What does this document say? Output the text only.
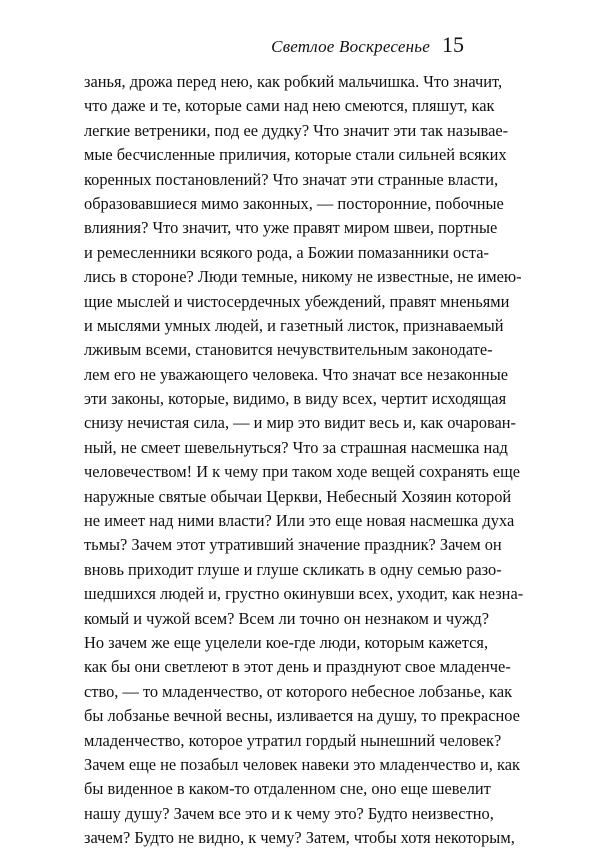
Светлое Воскресенье 15
занья, дрожа перед нею, как робкий мальчишка. Что значит,
что даже и те, которые сами над нею смеются, пляшут, как
легкие ветреники, под ее дудку? Что значит эти так называе-
мые бесчисленные приличия, которые стали сильней всяких
коренных постановлений? Что значат эти странные власти,
образовавшиеся мимо законных, — посторонние, побочные
влияния? Что значит, что уже правят миром швеи, портные
и ремесленники всякого рода, а Божии помазанники оста-
лись в стороне? Люди темные, никому не известные, не имею-
щие мыслей и чистосердечных убеждений, правят мненьями
и мыслями умных людей, и газетный листок, признаваемый
лживым всеми, становится нечувствительным законодате-
лем его не уважающего человека. Что значат все незаконные
эти законы, которые, видимо, в виду всех, чертит исходящая
снизу нечистая сила, — и мир это видит весь и, как очарован-
ный, не смеет шевельнуться? Что за страшная насмешка над
человечеством! И к чему при таком ходе вещей сохранять еще
наружные святые обычаи Церкви, Небесный Хозяин которой
не имеет над ними власти? Или это еще новая насмешка духа
тьмы? Зачем этот утративший значение праздник? Зачем он
вновь приходит глуше и глуше скликать в одну семью разо-
шедшихся людей и, грустно окинувши всех, уходит, как незна-
комый и чужой всем? Всем ли точно он незнаком и чужд?
Но зачем же еще уцелели кое-где люди, которым кажется,
как бы они светлеют в этот день и празднуют свое младенче-
ство, — то младенчество, от которого небесное лобзанье, как
бы лобзанье вечной весны, изливается на душу, то прекрасное
младенчество, которое утратил гордый нынешний человек?
Зачем еще не позабыл человек навеки это младенчество и, как
бы виденное в каком-то отдаленном сне, оно еще шевелит
нашу душу? Зачем все это и к чему это? Будто неизвестно,
зачем? Будто не видно, к чему? Затем, чтобы хотя некоторым,
